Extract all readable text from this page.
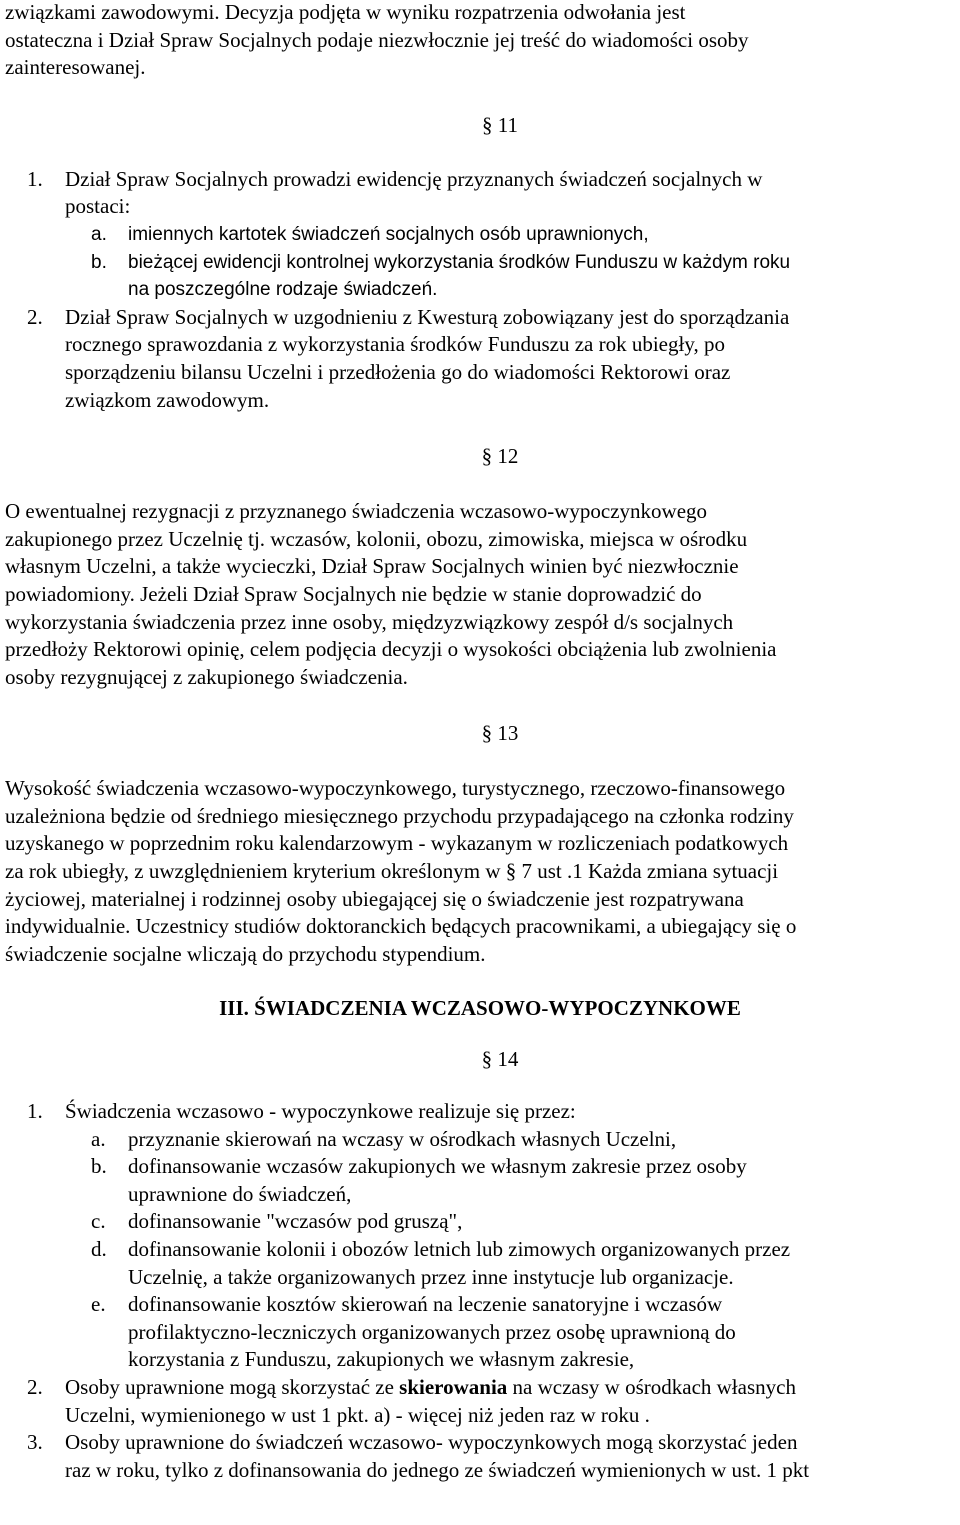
związkami zawodowymi. Decyzja podjęta w wyniku rozpatrzenia odwołania jest
ostateczna i Dział Spraw Socjalnych podaje niezwłocznie jej treść do wiadomości osoby
zainteresowanej.

§ 11

1. Dział Spraw Socjalnych prowadzi ewidencję przyznanych świadczeń socjalnych w
postaci:
a. imiennych kartotek świadczeń socjalnych osób uprawnionych,
b. bieżącej ewidencji kontrolnej wykorzystania środków Funduszu w każdym roku
na poszczególne rodzaje świadczeń.
2. Dział Spraw Socjalnych w uzgodnieniu z Kwesturą zobowiązany jest do sporządzania
rocznego sprawozdania z wykorzystania środków Funduszu za rok ubiegły, po
sporządzeniu bilansu Uczelni i przedłożenia go do wiadomości Rektorowi oraz
związkom zawodowym.

§ 12

O ewentualnej rezygnacji z przyznanego świadczenia wczasowo-wypoczynkowego
zakupionego przez Uczelnię tj. wczasów, kolonii, obozu, zimowiska, miejsca w ośrodku
własnym Uczelni, a także wycieczki, Dział Spraw Socjalnych winien być niezwłocznie
powiadomiony. Jeżeli Dział Spraw Socjalnych nie będzie w stanie doprowadzić do
wykorzystania świadczenia przez inne osoby, międzyzwiązkowy zespół d/s socjalnych
przedłoży Rektorowi opinię, celem podjęcia decyzji o wysokości obciążenia lub zwolnienia
osoby rezygnującej z zakupionego świadczenia.

§ 13

Wysokość świadczenia wczasowo-wypoczynkowego, turystycznego, rzeczowo-finansowego
uzależniona będzie od średniego miesięcznego przychodu przypadającego na członka rodziny
uzyskanego w poprzednim roku kalendarzowym - wykazanym w rozliczeniach podatkowych
za rok ubiegły, z uwzględnieniem kryterium określonym w § 7 ust .1 Każda zmiana sytuacji
życiowej, materialnej i rodzinnej osoby ubiegającej się o świadczenie jest rozpatrywana
indywidualnie. Uczestnicy studiów doktoranckich będących pracownikami, a ubiegający się o
świadczenie socjalne wliczają do przychodu stypendium.

III. ŚWIADCZENIA WCZASOWO-WYPOCZYNKOWE

§ 14

1. Świadczenia wczasowo - wypoczynkowe realizuje się przez:
a. przyznanie skierowań na wczasy w ośrodkach własnych Uczelni,
b. dofinansowanie wczasów zakupionych we własnym zakresie przez osoby
uprawnione do świadczeń,
c. dofinansowanie "wczasów pod gruszą",
d. dofinansowanie kolonii i obozów letnich lub zimowych organizowanych przez
Uczelnię, a także organizowanych przez inne instytucje lub organizacje.
e. dofinansowanie kosztów skierowań na leczenie sanatoryjne i wczasów
profilaktyczno-leczniczych organizowanych przez osobę uprawnioną do
korzystania z Funduszu, zakupionych we własnym zakresie,
2. Osoby uprawnione mogą skorzystać ze skierowania na wczasy w ośrodkach własnych
Uczelni, wymienionego w ust 1 pkt. a) - więcej niż jeden raz w roku .
3. Osoby uprawnione do świadczeń wczasowo- wypoczynkowych mogą skorzystać jeden
raz w roku, tylko z dofinansowania do jednego ze świadczeń wymienionych w ust. 1 pkt
